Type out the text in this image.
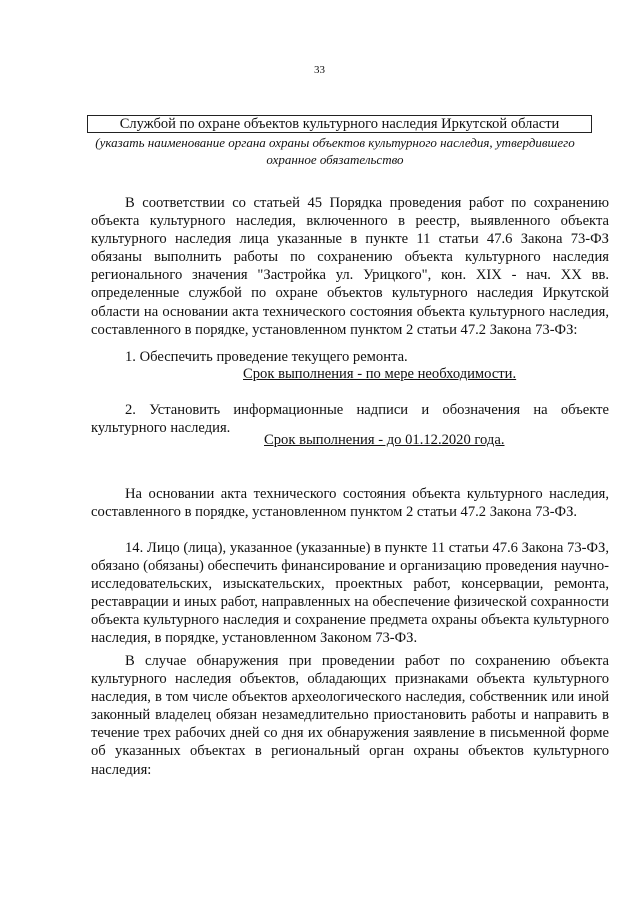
33
Службой по охране объектов культурного наследия Иркутской области
(указать наименование органа охраны объектов культурного наследия, утвердившего охранное обязательство

В соответствии со статьей 45 Порядка проведения работ по сохранению объекта культурного наследия, включенного в реестр, выявленного объекта культурного наследия лица указанные в пункте 11 статьи 47.6 Закона 73-ФЗ обязаны выполнить работы по сохранению объекта культурного наследия регионального значения "Застройка ул. Урицкого", кон. XIX - нач. XX вв. определенные службой по охране объектов культурного наследия Иркутской области на основании акта технического состояния объекта культурного наследия, составленного в порядке, установленном пунктом 2 статьи 47.2 Закона 73-ФЗ:

1. Обеспечить проведение текущего ремонта.

Срок выполнения - по мере необходимости.

2. Установить информационные надписи и обозначения на объекте культурного наследия.

Срок выполнения - до 01.12.2020 года.

На основании акта технического состояния объекта культурного наследия, составленного в порядке, установленном пунктом 2 статьи 47.2 Закона 73-ФЗ.

14. Лицо (лица), указанное (указанные) в пункте 11 статьи 47.6 Закона 73-ФЗ, обязано (обязаны) обеспечить финансирование и организацию проведения научно-исследовательских, изыскательских, проектных работ, консервации, ремонта, реставрации и иных работ, направленных на обеспечение физической сохранности объекта культурного наследия и сохранение предмета охраны объекта культурного наследия, в порядке, установленном Законом 73-ФЗ.

В случае обнаружения при проведении работ по сохранению объекта культурного наследия объектов, обладающих признаками объекта культурного наследия, в том числе объектов археологического наследия, собственник или иной законный владелец обязан незамедлительно приостановить работы и направить в течение трех рабочих дней со дня их обнаружения заявление в письменной форме об указанных объектах в региональный орган охраны объектов культурного наследия:
